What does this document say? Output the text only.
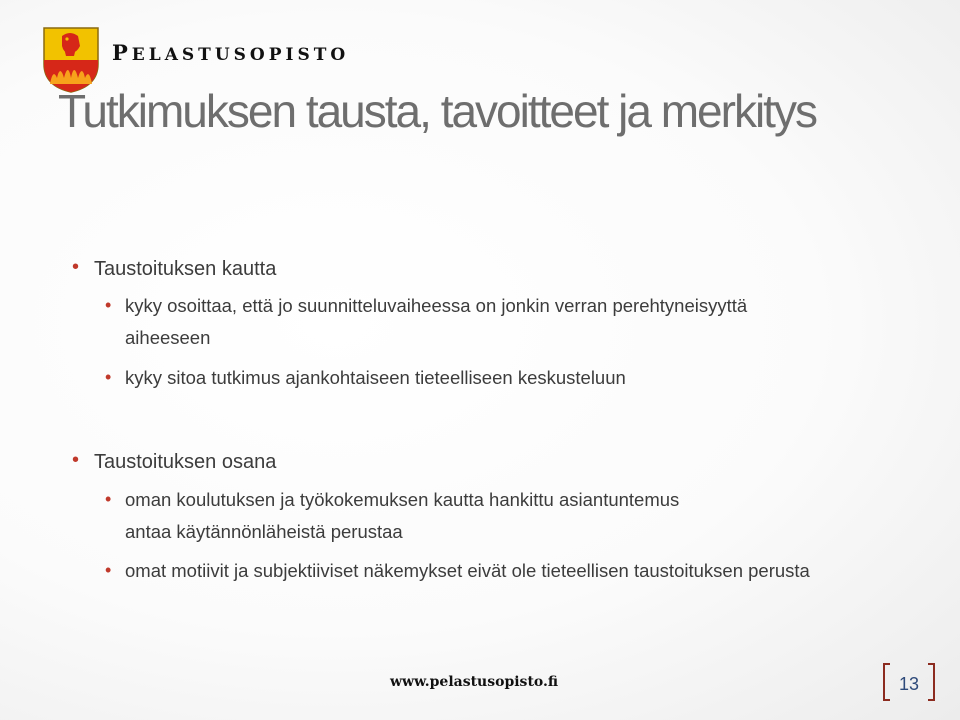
PELASTUSOPISTO
Tutkimuksen tausta, tavoitteet ja merkitys
• Taustoituksen kautta
• kyky osoittaa, että jo suunnitteluvaiheessa on jonkin verran perehtyneisyyttä aiheeseen
• kyky sitoa tutkimus ajankohtaiseen tieteelliseen keskusteluun
• Taustoituksen osana
• oman koulutuksen ja työkokemuksen kautta hankittu asiantuntemus antaa käytännönläheistä perustaa
• omat motiivit ja subjektiiviset näkemykset eivät ole tieteellisen taustoituksen perusta
www.pelastusopisto.fi	13
